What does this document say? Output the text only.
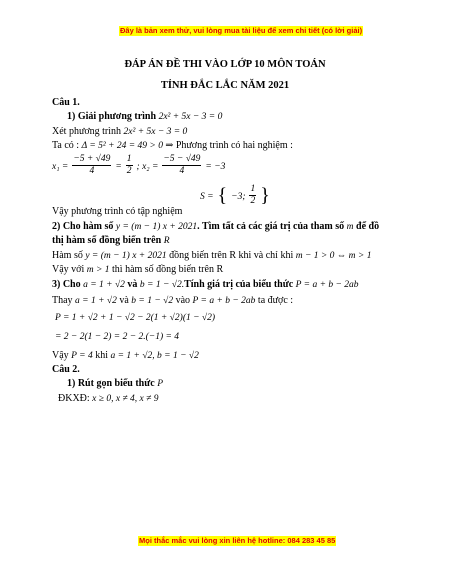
Đây là bản xem thử, vui lòng mua tài liệu để xem chi tiết (có lời giải)
ĐÁP ÁN ĐỀ THI VÀO LỚP 10 MÔN TOÁN
TỈNH ĐẮC LẮC NĂM 2021
Câu 1.
1) Giải phương trình 2x² + 5x − 3 = 0
Xét phương trình 2x² + 5x − 3 = 0
Ta có : Δ = 5² + 24 = 49 > 0 ⇒ Phương trình có hai nghiệm :
$x_1 = \frac{-5 + √49}{4} = \frac{1}{2}$ ; $x_2 = \frac{-5 - √49}{4} = -3$
S = { −3; $\frac{1}{2}$ }
Vậy phương trình có tập nghiệm
2) Cho hàm số y = (m − 1) x + 2021. Tìm tất cả các giá trị của tham số m để đồ
thị hàm số đồng biến trên R
Hàm số y = (m − 1) x + 2021 đồng biến trên R khi và chỉ khi m − 1 > 0 ⇔ m > 1
Vậy với m > 1 thì hàm số đồng biến trên R
3) Cho a = 1 + √2 và b = 1 − √2.Tính giá trị của biểu thức P = a + b − 2ab
Thay a = 1 + √2 và b = 1 − √2 vào P = a + b − 2ab ta được :
P = 1 + √2 + 1 − √2 − 2(1 + √2)(1 − √2)
= 2 − 2(1 − 2) = 2 − 2.(−1) = 4
Vậy P = 4 khi a = 1 + √2, b = 1 − √2
Câu 2.
1) Rút gọn biểu thức P
ĐKXĐ: x ≥ 0, x ≠ 4, x ≠ 9
Mọi thắc mắc vui lòng xin liên hệ hotline: 084 283 45 85
